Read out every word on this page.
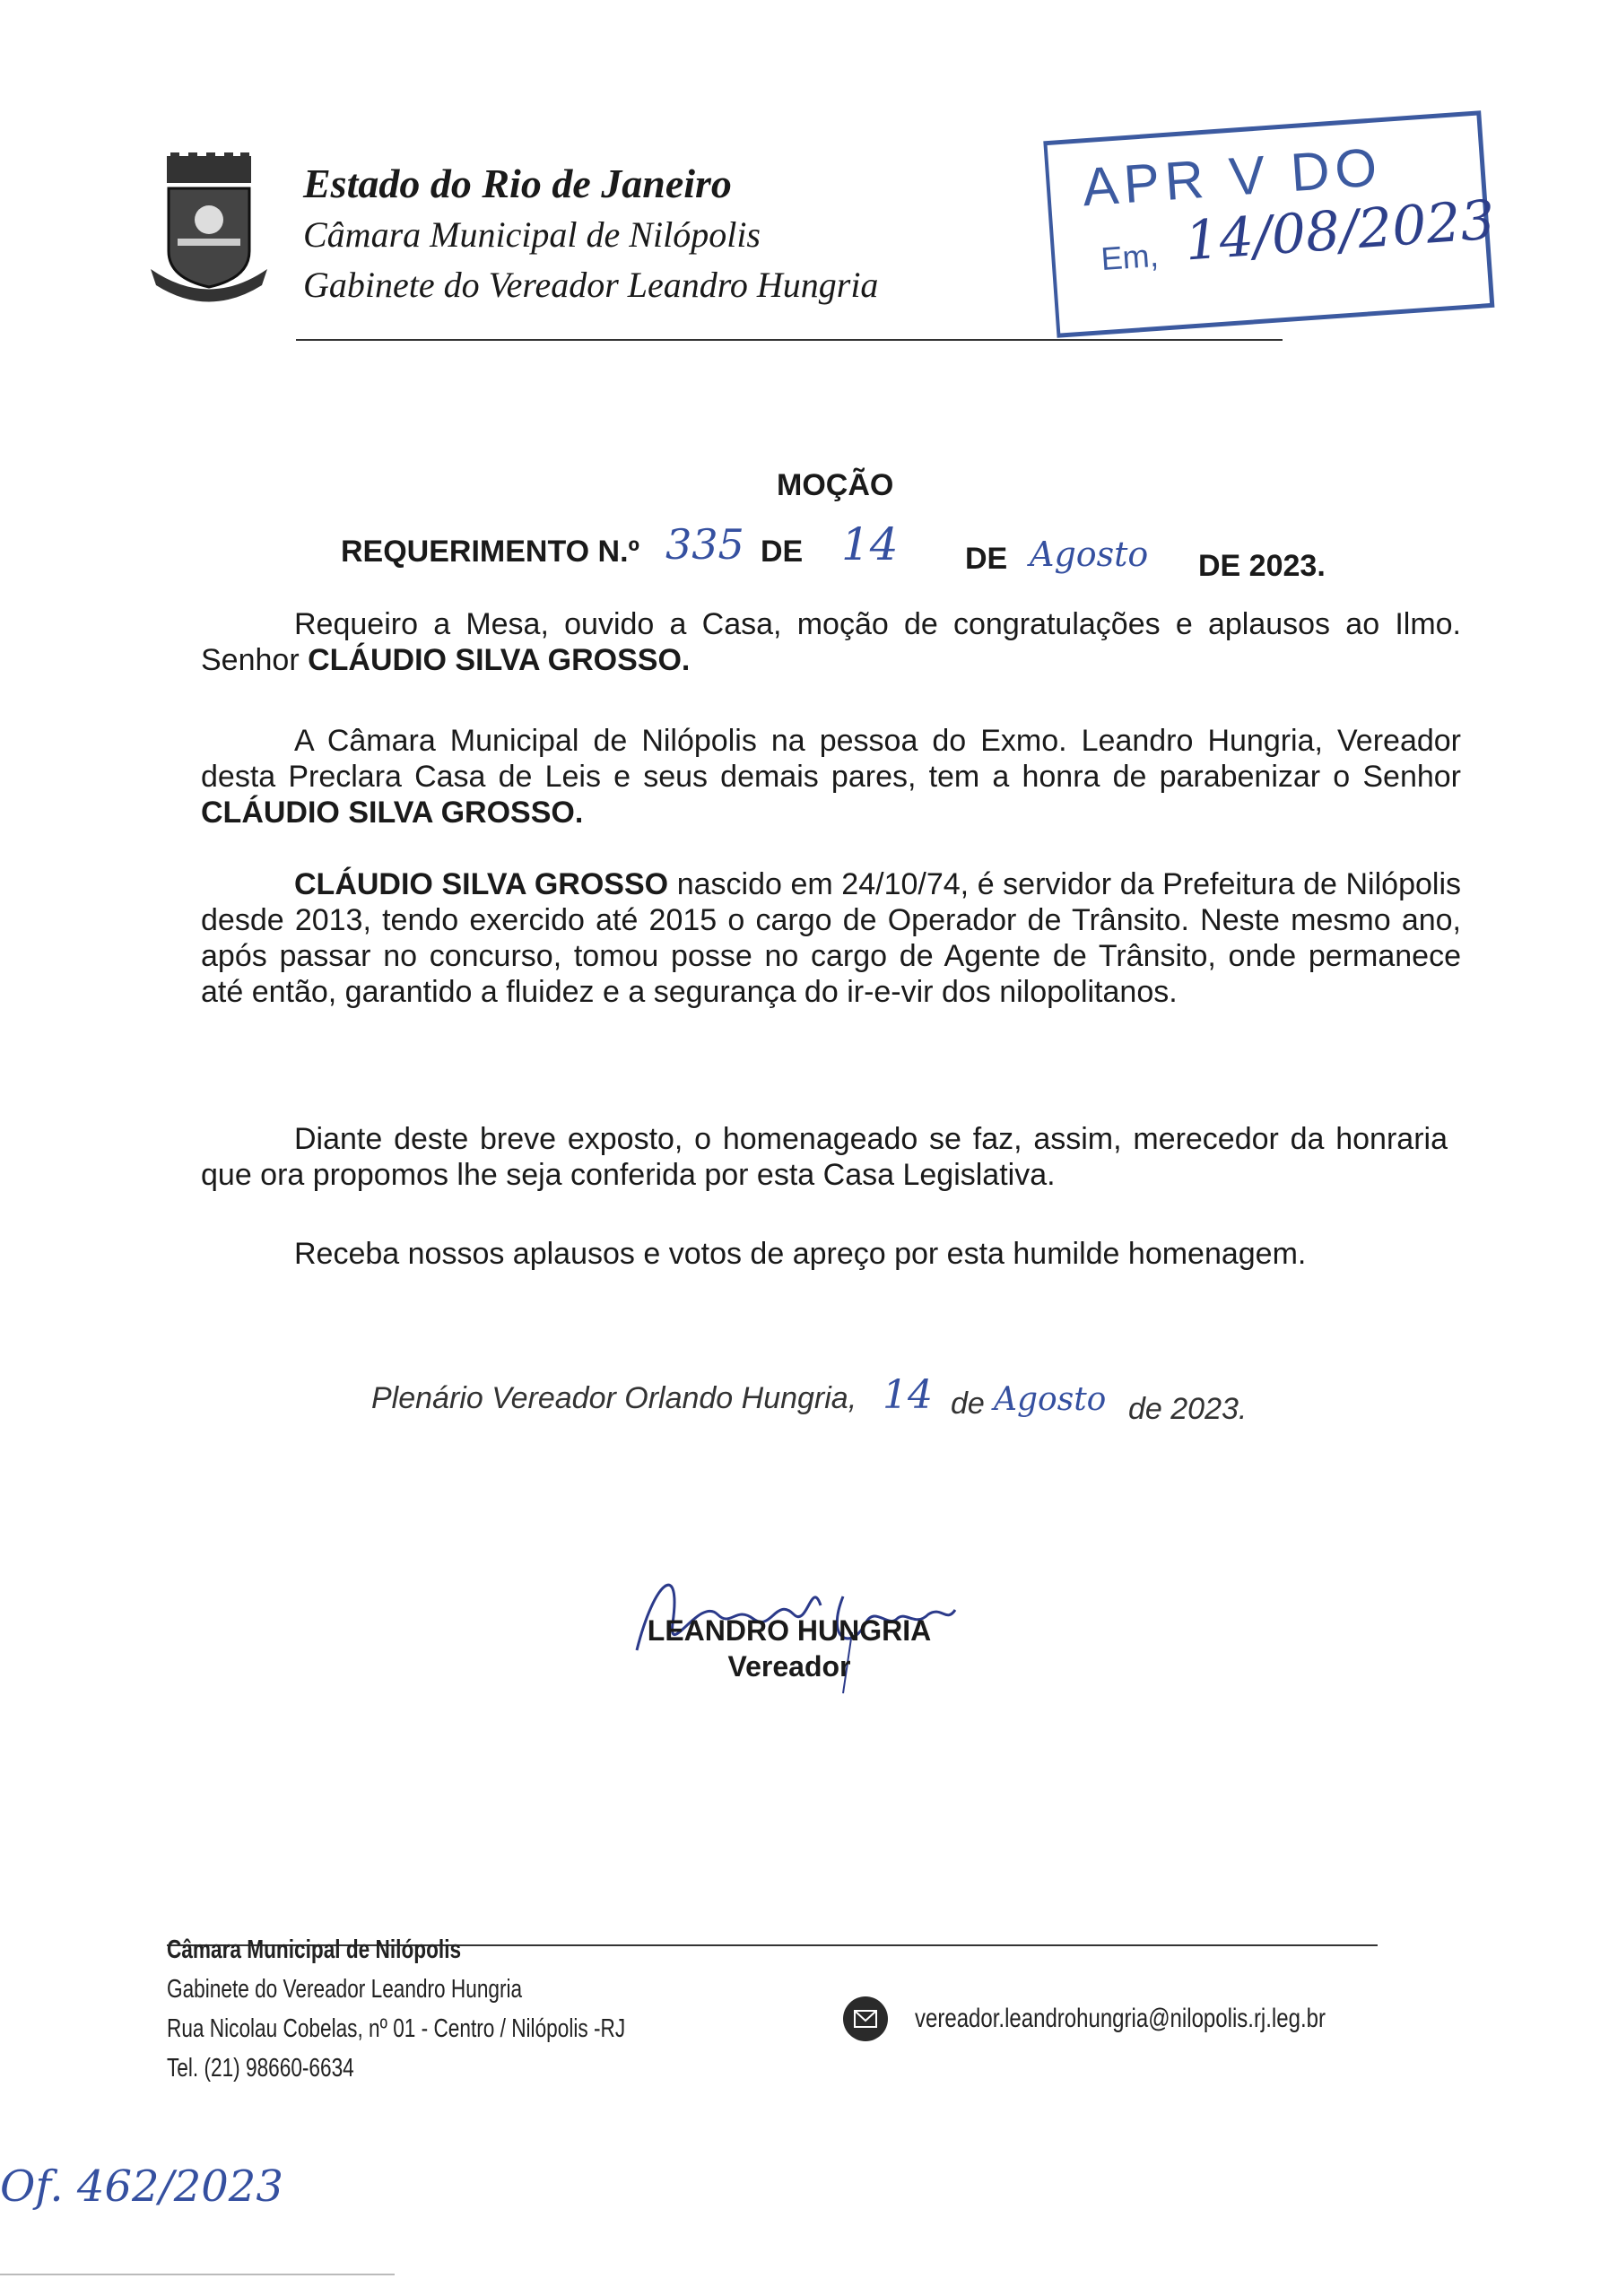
Estado do Rio de Janeiro
Câmara Municipal de Nilópolis
Gabinete do Vereador Leandro Hungria
APR V DO
Em, 14/08/2023
MOÇÃO
REQUERIMENTO N.º 335 DE 14 DE Agosto DE 2023.
Requeiro a Mesa, ouvido a Casa, moção de congratulações e aplausos ao Ilmo. Senhor CLÁUDIO SILVA GROSSO.
A Câmara Municipal de Nilópolis na pessoa do Exmo. Leandro Hungria, Vereador desta Preclara Casa de Leis e seus demais pares, tem a honra de parabenizar o Senhor CLÁUDIO SILVA GROSSO.
CLÁUDIO SILVA GROSSO nascido em 24/10/74, é servidor da Prefeitura de Nilópolis desde 2013, tendo exercido até 2015 o cargo de Operador de Trânsito. Neste mesmo ano, após passar no concurso, tomou posse no cargo de Agente de Trânsito, onde permanece até então, garantido a fluidez e a segurança do ir-e-vir dos nilopolitanos.
Diante deste breve exposto, o homenageado se faz, assim, merecedor da honraria que ora propomos lhe seja conferida por esta Casa Legislativa.
Receba nossos aplausos e votos de apreço por esta humilde homenagem.
Plenário Vereador Orlando Hungria, 14 de Agosto de 2023.
LEANDRO HUNGRIA
Vereador
Câmara Municipal de Nilópolis
Gabinete do Vereador Leandro Hungria
Rua Nicolau Cobelas, nº 01 - Centro / Nilópolis -RJ
Tel. (21) 98660-6634
vereador.leandrohungria@nilopolis.rj.leg.br
Of. 462/2023
